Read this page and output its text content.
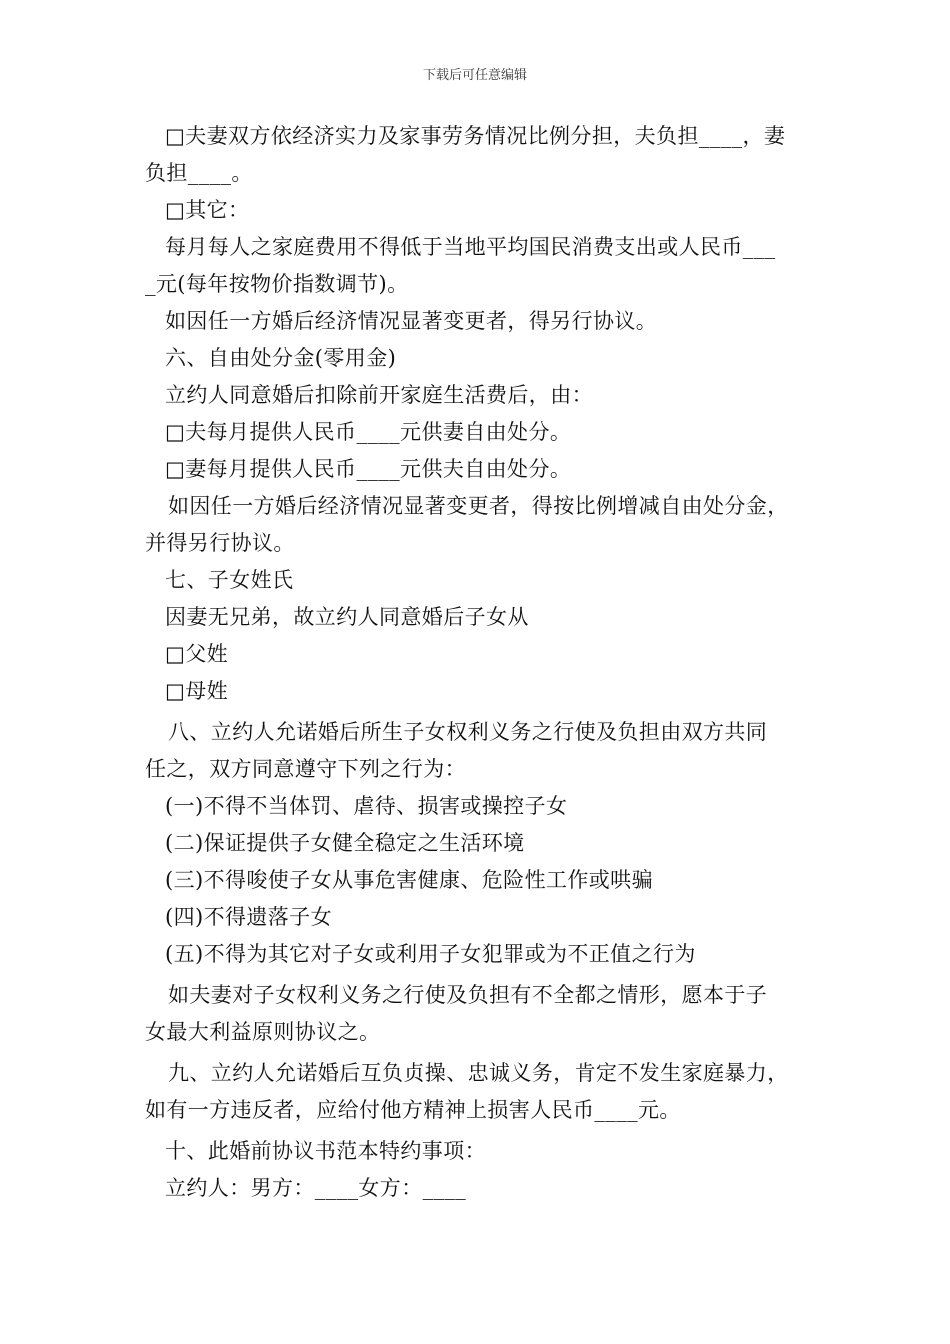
下载后可任意编辑
□夫妻双方依经济实力及家事劳务情况比例分担，夫负担____，妻
负担____。
□其它：
每月每人之家庭费用不得低于当地平均国民消费支出或人民币___
_元(每年按物价指数调节)。
如因任一方婚后经济情况显著变更者，得另行协议。
六、自由处分金(零用金)
立约人同意婚后扣除前开家庭生活费后，由：
□夫每月提供人民币____元供妻自由处分。
□妻每月提供人民币____元供夫自由处分。
如因任一方婚后经济情况显著变更者，得按比例增减自由处分金，
并得另行协议。
七、子女姓氏
因妻无兄弟，故立约人同意婚后子女从
□父姓
□母姓
八、立约人允诺婚后所生子女权利义务之行使及负担由双方共同
任之，双方同意遵守下列之行为：
(一)不得不当体罚、虐待、损害或操控子女
(二)保证提供子女健全稳定之生活环境
(三)不得唆使子女从事危害健康、危险性工作或哄骗
(四)不得遗落子女
(五)不得为其它对子女或利用子女犯罪或为不正值之行为
如夫妻对子女权利义务之行使及负担有不全都之情形，愿本于子
女最大利益原则协议之。
九、立约人允诺婚后互负贞操、忠诚义务，肯定不发生家庭暴力，
如有一方违反者，应给付他方精神上损害人民币____元。
十、此婚前协议书范本特约事项：
立约人：男方：____女方：____
